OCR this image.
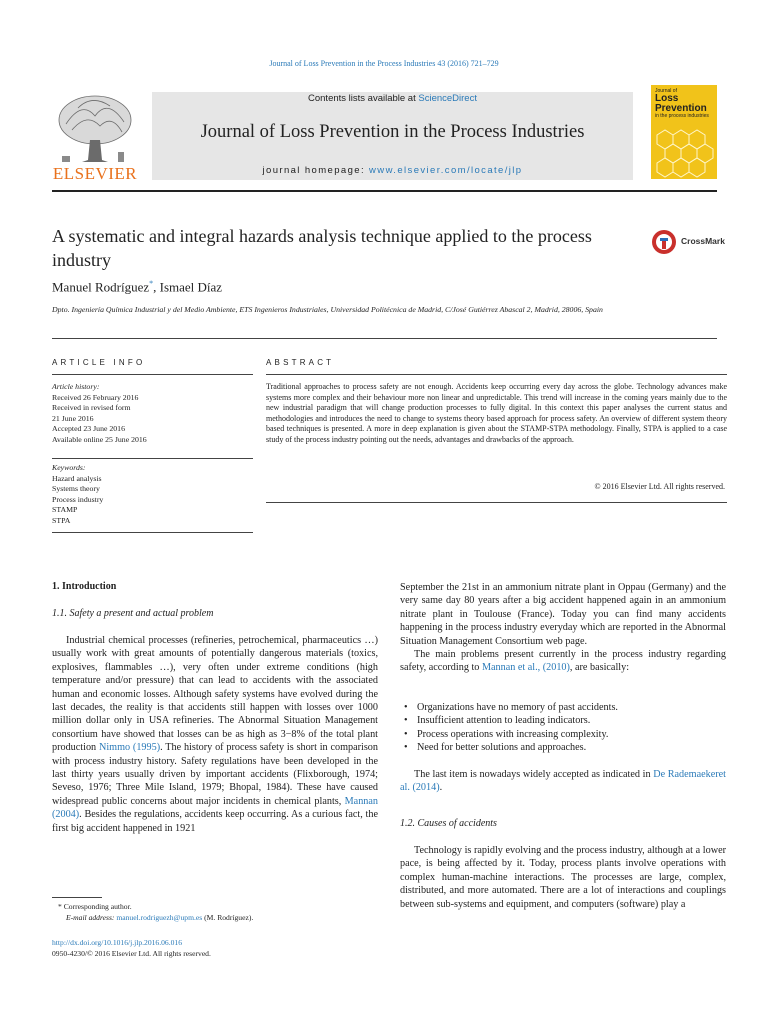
Journal of Loss Prevention in the Process Industries 43 (2016) 721–729
ELSEVIER
Contents lists available at ScienceDirect
Journal of Loss Prevention in the Process Industries
journal homepage: www.elsevier.com/locate/jlp
Journal of
Loss
Prevention
in the process industries
A systematic and integral hazards analysis technique applied to the process industry
CrossMark
Manuel Rodríguez*, Ismael Díaz
Dpto. Ingeniería Química Industrial y del Medio Ambiente, ETS Ingenieros Industriales, Universidad Politécnica de Madrid, C/José Gutiérrez Abascal 2, Madrid, 28006, Spain
ARTICLE INFO	ABSTRACT
Article history:
Received 26 February 2016
Received in revised form
21 June 2016
Accepted 23 June 2016
Available online 25 June 2016
Keywords:
Hazard analysis
Systems theory
Process industry
STAMP
STPA
Traditional approaches to process safety are not enough. Accidents keep occurring every day across the globe. Technology advances make systems more complex and their behaviour more non linear and unpredictable. This trend will increase in the coming years mainly due to the new industrial paradigm that will change production processes to fully digital. In this context this paper analyses the current status and methodologies and introduces the need to change to systems theory based approach for process safety. An overview of different system theory based techniques is presented. A more in deep explanation is given about the STAMP-STPA methodology. Finally, STPA is applied to a case study of the process industry pointing out the needs, advantages and drawbacks of the approach.
© 2016 Elsevier Ltd. All rights reserved.
1. Introduction
1.1. Safety a present and actual problem

Industrial chemical processes (refineries, petrochemical, pharmaceutics …) usually work with great amounts of potentially dangerous materials (toxics, explosives, flammables …), very often under extreme conditions (high temperature and/or pressure) that can lead to accidents with the associated human and economic losses. Although safety systems have evolved during the last decades, the reality is that accidents still happen with losses over 1000 million dollar only in USA refineries. The Abnormal Situation Management consortium have showed that losses can be as high as 3−8% of the total plant production Nimmo (1995). The history of process safety is short in comparison with process industry history. Safety regulations have been developed in the last thirty years usually driven by important accidents (Flixborough, 1974; Seveso, 1976; Three Mile Island, 1979; Bhopal, 1984). These have caused widespread public concerns about major incidents in chemical plants, Mannan (2004). Besides the regulations, accidents keep occurring. As a curious fact, the first big accident happened in 1921

* Corresponding author.
E-mail address: manuel.rodriguezh@upm.es (M. Rodríguez).
http://dx.doi.org/10.1016/j.jlp.2016.06.016
0950-4230/© 2016 Elsevier Ltd. All rights reserved.

September the 21st in an ammonium nitrate plant in Oppau (Germany) and the very same day 80 years after a big accident happened again in an ammonium nitrate plant in Toulouse (France). Today you can find many accidents happening in the process industry everyday which are reported in the Abnormal Situation Management Consortium web page.

The main problems present currently in the process industry regarding safety, according to Mannan et al., (2010), are basically:

• Organizations have no memory of past accidents.
• Insufficient attention to leading indicators.
• Process operations with increasing complexity.
• Need for better solutions and approaches.

The last item is nowadays widely accepted as indicated in De Rademaekeret al. (2014).

1.2. Causes of accidents

Technology is rapidly evolving and the process industry, although at a lower pace, is being affected by it. Today, process plants involve operations with complex human-machine interactions. The processes are large, complex, distributed, and more automated. There are a lot of interactions and couplings between sub-systems and equipment, and computers (software) play a
